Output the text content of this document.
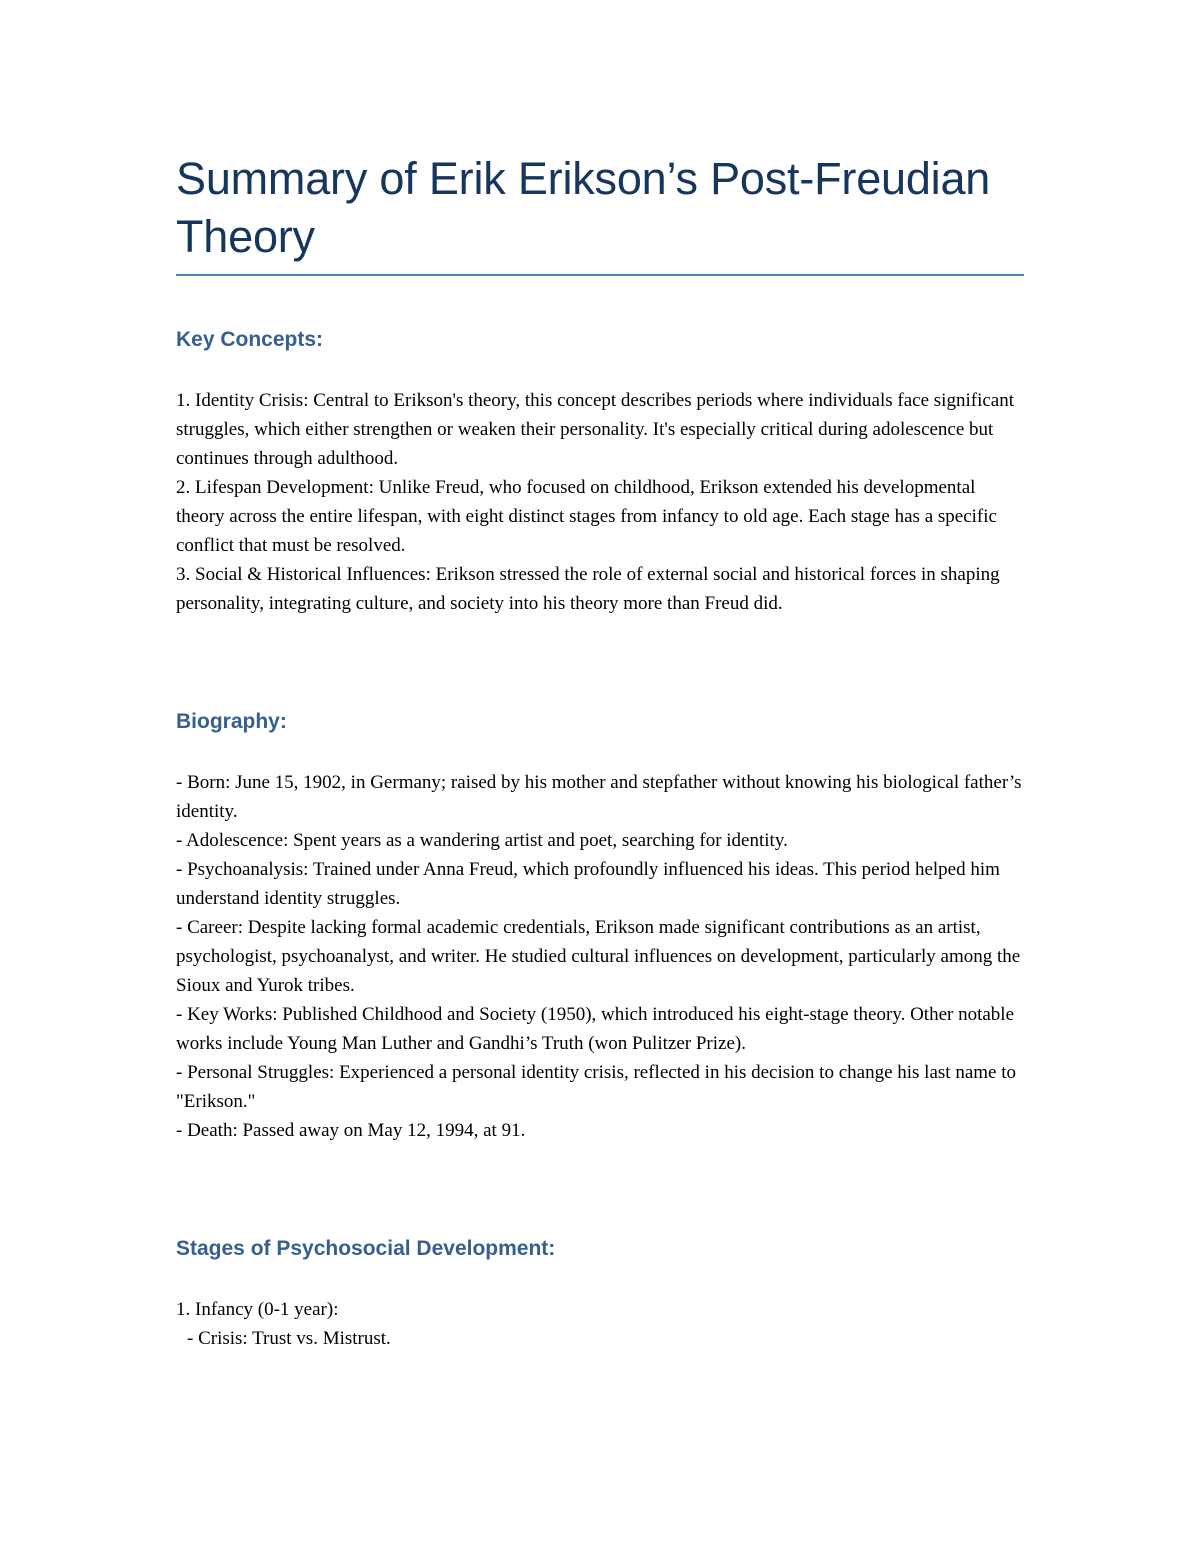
Summary of Erik Erikson’s Post-Freudian Theory
Key Concepts:

1. Identity Crisis: Central to Erikson's theory, this concept describes periods where individuals face significant struggles, which either strengthen or weaken their personality. It's especially critical during adolescence but continues through adulthood.

2. Lifespan Development: Unlike Freud, who focused on childhood, Erikson extended his developmental theory across the entire lifespan, with eight distinct stages from infancy to old age. Each stage has a specific conflict that must be resolved.

3. Social & Historical Influences: Erikson stressed the role of external social and historical forces in shaping personality, integrating culture, and society into his theory more than Freud did.

Biography:

- Born: June 15, 1902, in Germany; raised by his mother and stepfather without knowing his biological father’s identity.

- Adolescence: Spent years as a wandering artist and poet, searching for identity.

- Psychoanalysis: Trained under Anna Freud, which profoundly influenced his ideas. This period helped him understand identity struggles.

- Career: Despite lacking formal academic credentials, Erikson made significant contributions as an artist, psychologist, psychoanalyst, and writer. He studied cultural influences on development, particularly among the Sioux and Yurok tribes.

- Key Works: Published Childhood and Society (1950), which introduced his eight-stage theory. Other notable works include Young Man Luther and Gandhi’s Truth (won Pulitzer Prize).

- Personal Struggles: Experienced a personal identity crisis, reflected in his decision to change his last name to "Erikson."

- Death: Passed away on May 12, 1994, at 91.

Stages of Psychosocial Development:

1. Infancy (0-1 year):

- Crisis: Trust vs. Mistrust.
